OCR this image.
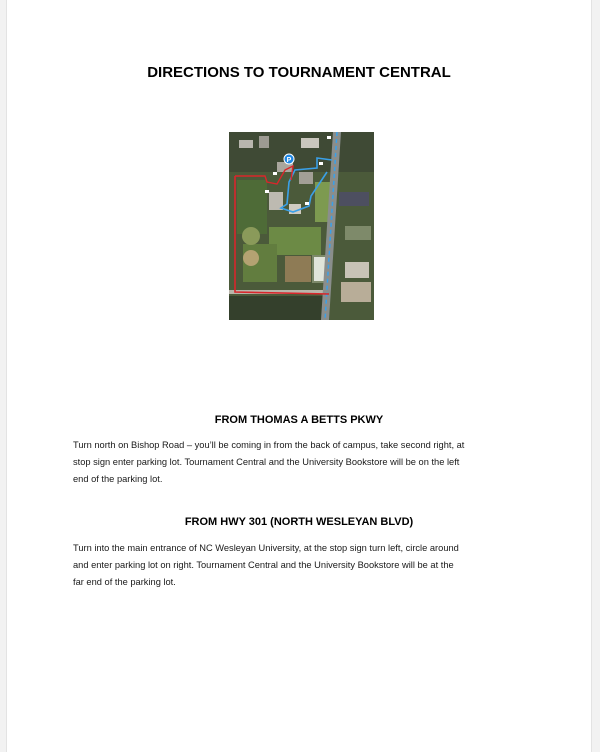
DIRECTIONS TO TOURNAMENT CENTRAL
P
FROM THOMAS A BETTS PKWY
Turn north on Bishop Road – you’ll be coming in from the back of campus, take second right, at
stop sign enter parking lot. Tournament Central and the University Bookstore will be on the left
end of the parking lot.
FROM HWY 301 (NORTH WESLEYAN BLVD)
Turn into the main entrance of NC Wesleyan University, at the stop sign turn left, circle around
and enter parking lot on right. Tournament Central and the University Bookstore will be at the
far end of the parking lot.
